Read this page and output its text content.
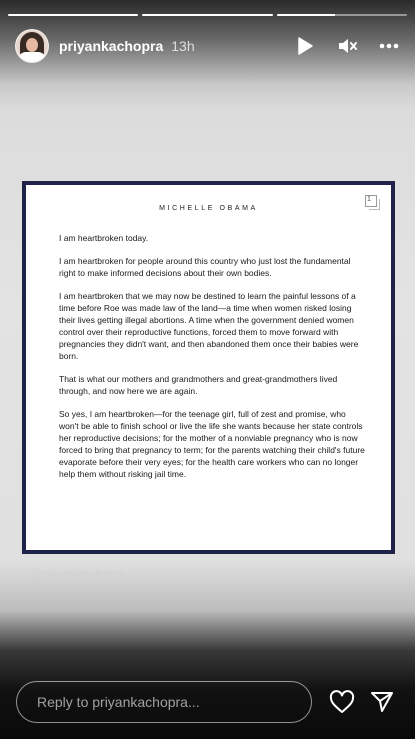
priyankachopra 13h
MICHELLE OBAMA
1

I am heartbroken today.

I am heartbroken for people around this country who just lost the fundamental right to make informed decisions about their own bodies.

I am heartbroken that we may now be destined to learn the painful lessons of a time before Roe was made law of the land—a time when women risked losing their lives getting illegal abortions. A time when the government denied women control over their reproductive functions, forced them to move forward with pregnancies they didn't want, and then abandoned them once their babies were born.

That is what our mothers and grandmothers and great-grandmothers lived through, and now here we are again.

So yes, I am heartbroken—for the teenage girl, full of zest and promise, who won't be able to finish school or live the life she wants because her state controls her reproductive decisions; for the mother of a nonviable pregnancy who is now forced to bring that pregnancy to term; for the parents watching their child's future evaporate before their very eyes; for the health care workers who can no longer help them without risking jail time.

@michelleobama
Reply to priyankachopra...
